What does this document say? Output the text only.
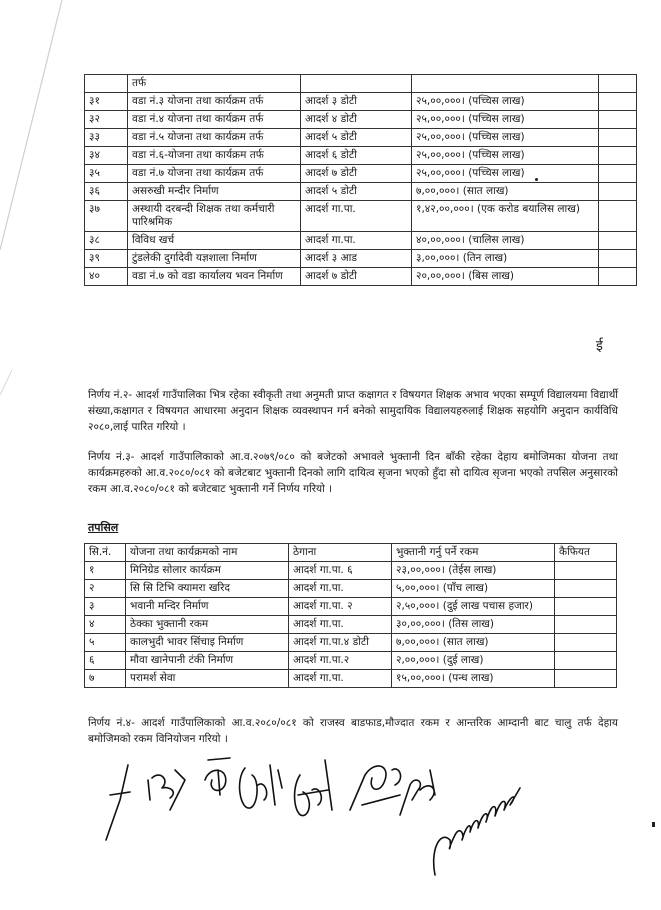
	तर्फ			
३१	वडा नं.३ योजना तथा कार्यक्रम तर्फ	आदर्श ३ डोटी	२५,००,०००। (पच्चिस लाख)	
३२	वडा नं.४ योजना तथा कार्यक्रम तर्फ	आदर्श ४ डोटी	२५,००,०००। (पच्चिस लाख)	
३३	वडा नं.५ योजना तथा कार्यक्रम तर्फ	आदर्श ५ डोटी	२५,००,०००। (पच्चिस लाख)	
३४	वडा नं.६-योजना तथा कार्यक्रम तर्फ	आदर्श ६ डोटी	२५,००,०००। (पच्चिस लाख)	
३५	वडा नं.७ योजना तथा कार्यक्रम तर्फ	आदर्श ७ डोटी	२५,००,०००। (पच्चिस लाख)	
३६	असरुखी मन्दीर निर्माण	आदर्श ५ डोटी	७,००,०००। (सात लाख)	
३७	अस्थायी दरबन्दी शिक्षक तथा कर्मचारी पारिश्रमिक	आदर्श गा.पा.	१,४२,००,०००। (एक करोड बयालिस लाख)	
३८	विविध खर्च	आदर्श गा.पा.	४०,००,०००। (चालिस लाख)	
३९	टुंडलेकी दुर्गादेवी यज्ञशाला निर्माण	आदर्श ३ आड	३,००,०००। (तिन लाख)	
४०	वडा नं.७ को वडा कार्यालय भवन निर्माण	आदर्श ७ डोटी	२०,००,०००। (बिस लाख)	
ई
निर्णय नं.२- आदर्श गाउँपालिका भित्र रहेका स्वीकृती तथा अनुमती प्राप्त कक्षागत र विषयगत शिक्षक अभाव भएका सम्पूर्ण विद्यालयमा विद्यार्थी संख्या,कक्षागत र विषयगत आधारमा अनुदान शिक्षक व्यवस्थापन गर्न बनेको सामुदायिक विद्यालयहरुलाई शिक्षक सहयोगि अनुदान कार्यविधि २०८०,लाई पारित गरियो ।
निर्णय नं.३- आदर्श गाउँपालिकाको आ.व.२०७९/०८० को बजेटको अभावले भुक्तानी दिन बाँकी रहेका देहाय बमोजिमका योजना तथा कार्यक्रमहरुको आ.व.२०८०/०८१ को बजेटबाट भुक्तानी दिनको लागि दायित्व सृजना भएको हुँदा सो दायित्व सृजना भएको तपसिल अनुसारको रकम आ.व.२०८०/०८१ को बजेटबाट भुक्तानी गर्ने निर्णय गरियो ।
तपसिल
सि.नं.	योजना तथा कार्यक्रमको नाम	ठेगाना	भुक्तानी गर्नु पर्ने रकम	कैफियत
१	मिनिग्रेड सोलार कार्यक्रम	आदर्श गा.पा. ६	२३,००,०००। (तेईस लाख)	
२	सि सि टिभि क्यामरा खरिद	आदर्श गा.पा.	५,००,०००। (पाँच लाख)	
३	भवानी मन्दिर निर्माण	आदर्श गा.पा. २	२,५०,०००। (दुई लाख पचास हजार)	
४	ठेक्का भुक्तानी रकम	आदर्श गा.पा.	३०,००,०००। (तिस लाख)	
५	कालभुदी भावर सिंचाइ निर्माण	आदर्श गा.पा.४ डोटी	७,००,०००। (सात लाख)	
६	मौवा खानेपानी टंकी निर्माण	आदर्श गा.पा.२	२,००,०००। (दुई लाख)	
७	परामर्श सेवा	आदर्श गा.पा.	१५,००,०००। (पन्ध लाख)	
निर्णय नं.४- आदर्श गाउँपालिकाको आ.व.२०८०/०८१ को राजस्व बाडफाड,मौज्दात रकम र आन्तरिक आम्दानी बाट चालु तर्फ देहाय बमोजिमको रकम विनियोजन गरियो ।
